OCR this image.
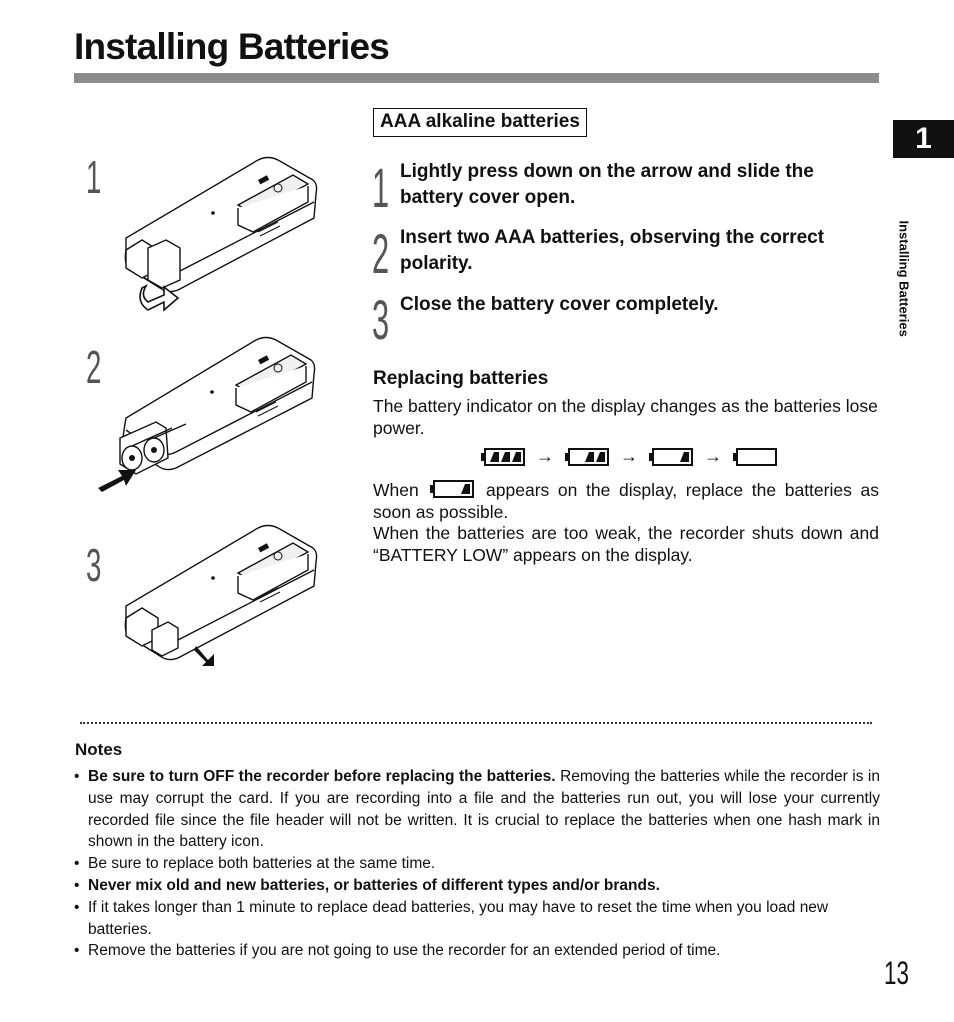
Installing Batteries
1
Installing Batteries
1
2
3
AAA alkaline batteries
1 Lightly press down on the arrow and slide the battery cover open.
2 Insert two AAA batteries, observing the correct polarity.
3 Close the battery cover completely.
Replacing batteries
The battery indicator on the display changes as the batteries lose power.
→	→	→
When	appears on the display, replace the batteries as soon as possible.
When the batteries are too weak, the recorder shuts down and “BATTERY LOW” appears on the display.
Notes
• Be sure to turn OFF the recorder before replacing the batteries. Removing the batteries while the recorder is in use may corrupt the card. If you are recording into a file and the batteries run out, you will lose your currently recorded file since the file header will not be written. It is crucial to replace the batteries when one hash mark in shown in the battery icon.
• Be sure to replace both batteries at the same time.
• Never mix old and new batteries, or batteries of different types and/or brands.
• If it takes longer than 1 minute to replace dead batteries, you may have to reset the time when you load new batteries.
• Remove the batteries if you are not going to use the recorder for an extended period of time.
13
